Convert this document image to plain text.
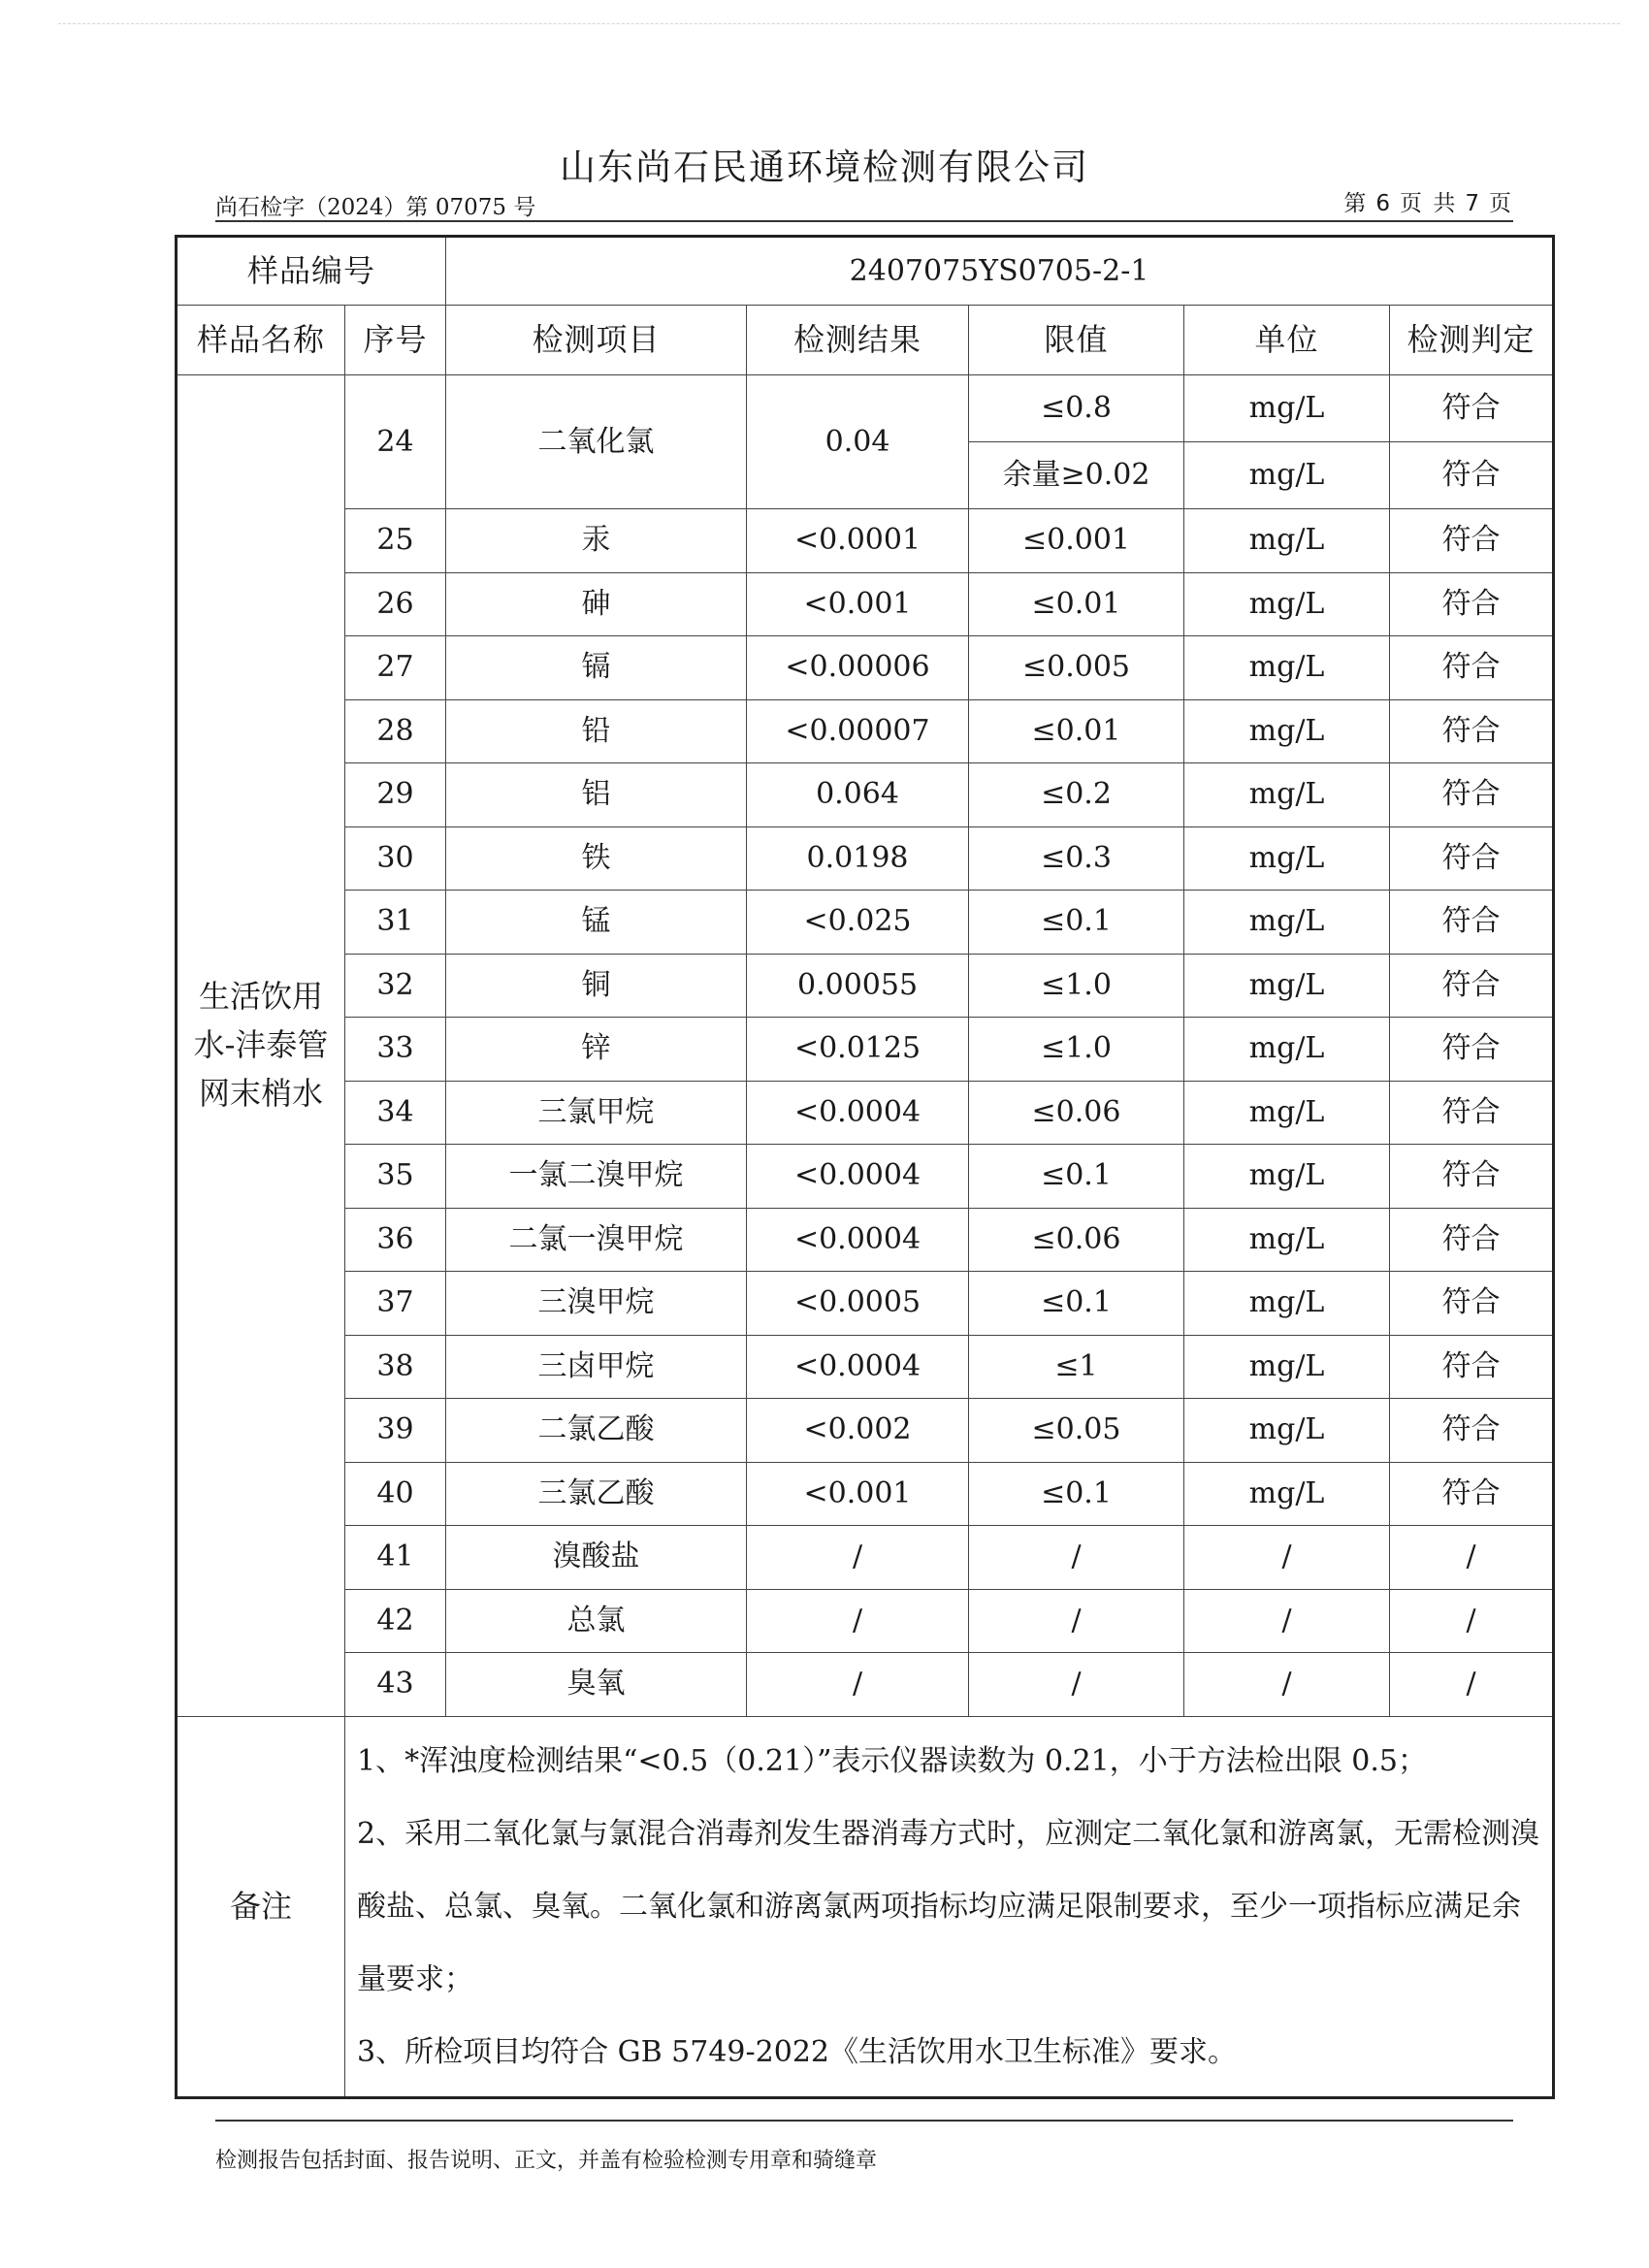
山东尚石民通环境检测有限公司
尚石检字（2024）第 07075 号	第 6 页 共 7 页
样品编号		2407075YS0705-2-1				
样品名称	序号	检测项目	检测结果	限值	单位	检测判定
生活饮用水-沣泰管网末梢水	24	二氧化氯	0.04	≤0.8	mg/L	符合
				余量≥0.02	mg/L	符合
	25	汞	<0.0001	≤0.001	mg/L	符合
	26	砷	<0.001	≤0.01	mg/L	符合
	27	镉	<0.00006	≤0.005	mg/L	符合
	28	铅	<0.00007	≤0.01	mg/L	符合
	29	铝	0.064	≤0.2	mg/L	符合
	30	铁	0.0198	≤0.3	mg/L	符合
	31	锰	<0.025	≤0.1	mg/L	符合
	32	铜	0.00055	≤1.0	mg/L	符合
	33	锌	<0.0125	≤1.0	mg/L	符合
	34	三氯甲烷	<0.0004	≤0.06	mg/L	符合
	35	一氯二溴甲烷	<0.0004	≤0.1	mg/L	符合
	36	二氯一溴甲烷	<0.0004	≤0.06	mg/L	符合
	37	三溴甲烷	<0.0005	≤0.1	mg/L	符合
	38	三卤甲烷	<0.0004	≤1	mg/L	符合
	39	二氯乙酸	<0.002	≤0.05	mg/L	符合
	40	三氯乙酸	<0.001	≤0.1	mg/L	符合
	41	溴酸盐	/	/	/	/
	42	总氯	/	/	/	/
	43	臭氧	/	/	/	/
备注	1、*浑浊度检测结果“<0.5（0.21）”表示仪器读数为 0.21，小于方法检出限 0.5；

2、采用二氧化氯与氯混合消毒剂发生器消毒方式时，应测定二氧化氯和游离氯，无需检测溴酸盐、总氯、臭氧。二氧化氯和游离氯两项指标均应满足限制要求，至少一项指标应满足余量要求；

3、所检项目均符合 GB 5749-2022《生活饮用水卫生标准》要求。					

检测报告包括封面、报告说明、正文，并盖有检验检测专用章和骑缝章
